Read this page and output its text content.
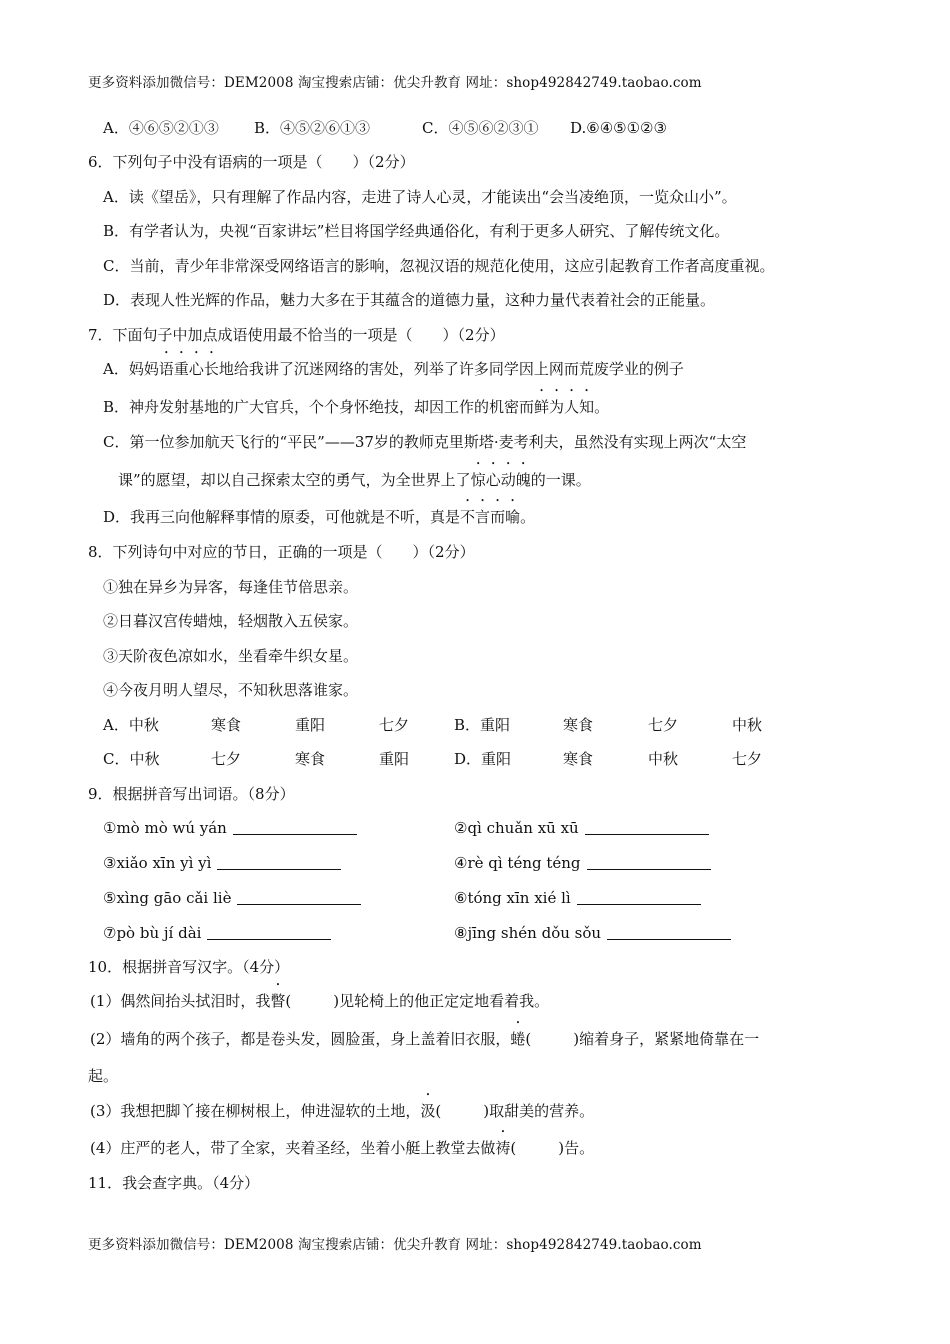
更多资料添加微信号：DEM2008 淘宝搜索店铺：优尖升教育 网址：shop492842749.taobao.com
A．④⑥⑤②①③ B．④⑤②⑥①③	C．④⑤⑥②③① D.⑥④⑤①②③
6．下列句子中没有语病的一项是（　　）（2分）
A．读《望岳》，只有理解了作品内容，走进了诗人心灵，才能读出“会当凌绝顶，一览众山小”。
B．有学者认为，央视“百家讲坛”栏目将国学经典通俗化，有利于更多人研究、了解传统文化。
C．当前，青少年非常深受网络语言的影响，忽视汉语的规范化使用，这应引起教育工作者高度重视。
D．表现人性光辉的作品，魅力大多在于其蕴含的道德力量，这种力量代表着社会的正能量。
7．下面句子中加点成语使用最不恰当的一项是（　　）（2分）
A．妈妈语重心长地给我讲了沉迷网络的害处，列举了许多同学因上网而荒废学业的例子
B．神舟发射基地的广大官兵，个个身怀绝技，却因工作的机密而鲜为人知。
C．第一位参加航天飞行的“平民”——37岁的教师克里斯塔·麦考利夫，虽然没有实现上两次“太空
课”的愿望，却以自己探索太空的勇气，为全世界上了惊心动魄的一课。
D．我再三向他解释事情的原委，可他就是不听，真是不言而喻。
8．下列诗句中对应的节日，正确的一项是（　　）（2分）
①独在异乡为异客，每逢佳节倍思亲。
②日暮汉宫传蜡烛，轻烟散入五侯家。
③天阶夜色凉如水，坐看牵牛织女星。
④今夜月明人望尽，不知秋思落谁家。
A．中秋	寒食	重阳	七夕	B．重阳	寒食	七夕	中秋
C．中秋	七夕	寒食	重阳	D．重阳	寒食	中秋	七夕
9．根据拼音写出词语。（8分）
①mò mò wú yán	②qì chuǎn xū xū
③xiǎo xīn yì yì	④rè qì téng téng
⑤xìng gāo cǎi liè	⑥tóng xīn xié lì
⑦pò bù jí dài	⑧jīng shén dǒu sǒu
10．根据拼音写汉字。（4分）
(1）偶然间抬头拭泪时，我瞥(	)见轮椅上的他正定定地看着我。
(2）墙角的两个孩子，都是卷头发，圆脸蛋，身上盖着旧衣服，蜷(	)缩着身子，紧紧地倚靠在一
起。
(3）我想把脚丫接在柳树根上，伸进湿软的土地，汲(	)取甜美的营养。
(4）庄严的老人，带了全家，夹着圣经，坐着小艇上教堂去做祷(	)告。
11．我会查字典。（4分）
更多资料添加微信号：DEM2008 淘宝搜索店铺：优尖升教育 网址：shop492842749.taobao.com
